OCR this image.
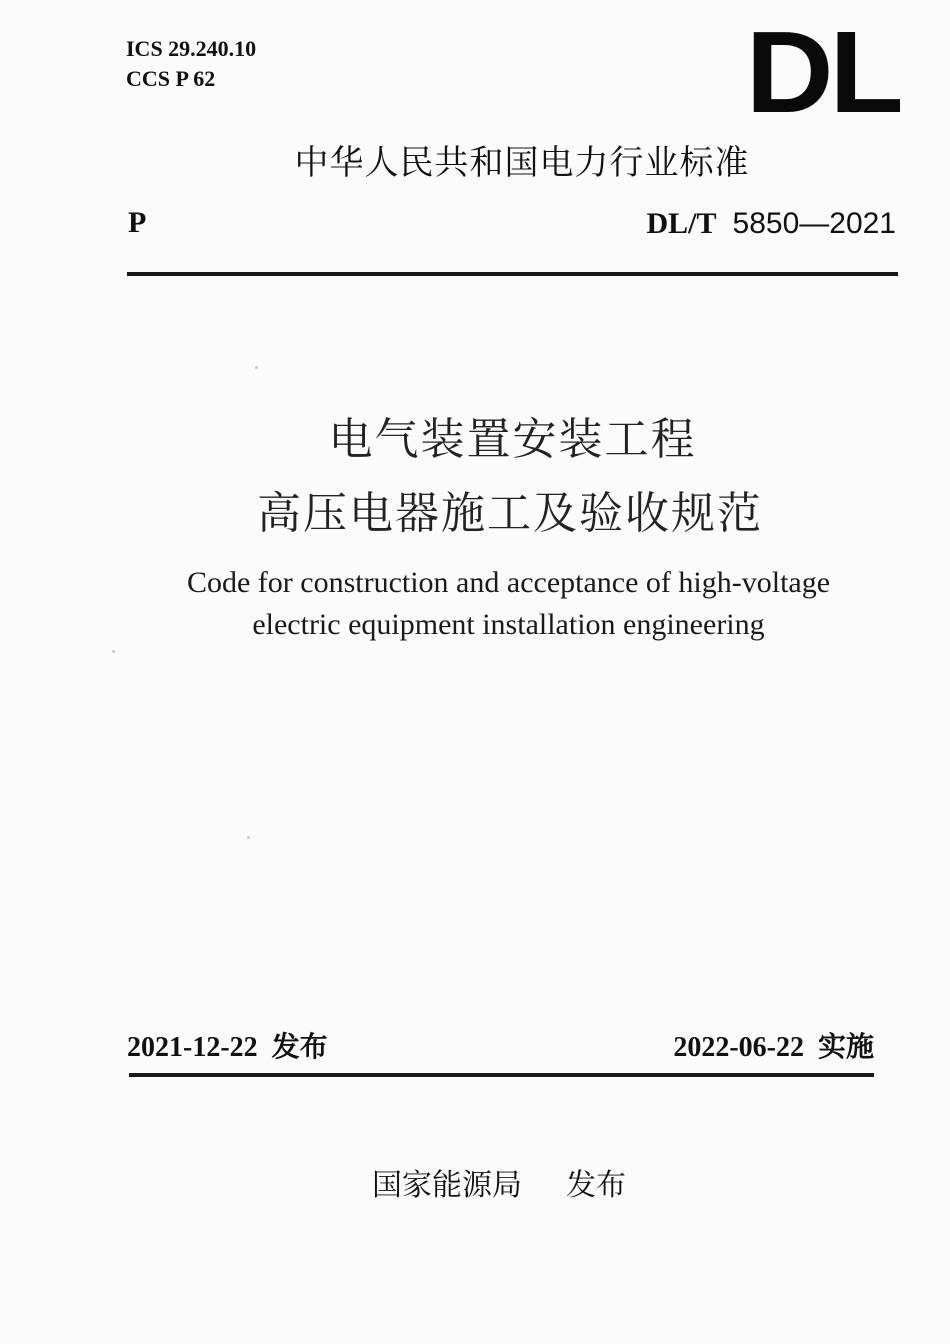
ICS 29.240.10
CCS P 62	DL
中华人民共和国电力行业标准
P	DL/T 5850—2021
电气装置安装工程
高压电器施工及验收规范
Code for construction and acceptance of high-voltage
electric equipment installation engineering
2021-12-22 发布	2022-06-22 实施
国家能源局 发布
